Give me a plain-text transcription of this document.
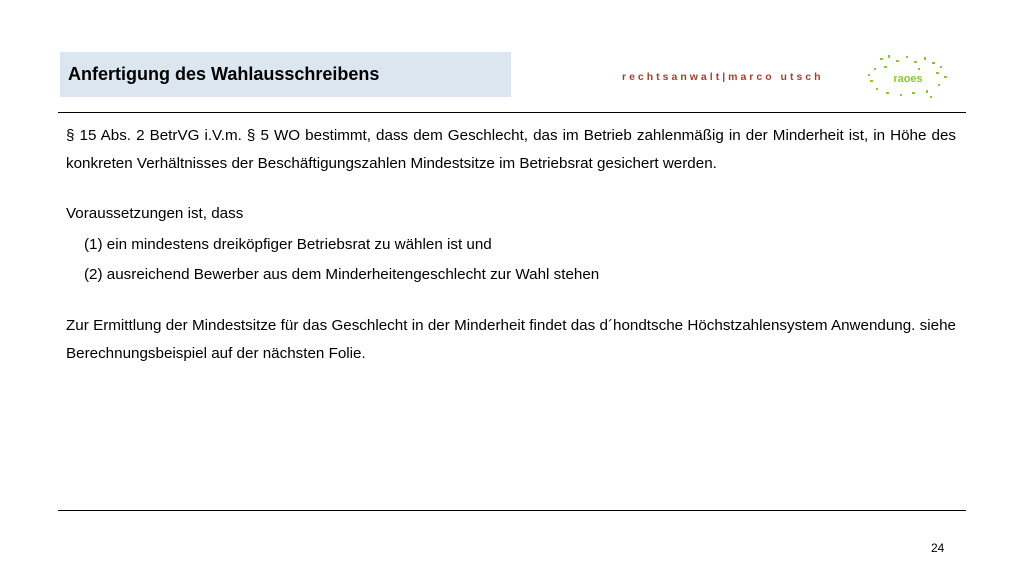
Anfertigung des Wahlausschreibens	rechtsanwalt|marco utsch	raoes

§ 15 Abs. 2 BetrVG i.V.m. § 5 WO bestimmt, dass dem Geschlecht, das im Betrieb zahlenmäßig in der Minderheit ist, in Höhe des konkreten Verhältnisses der Beschäftigungszahlen Mindestsitze im Betriebsrat gesichert werden.

Voraussetzungen ist, dass

(1) ein mindestens dreiköpfiger Betriebsrat zu wählen ist und
(2) ausreichend Bewerber aus dem Minderheitengeschlecht zur Wahl stehen

Zur Ermittlung der Mindestsitze für das Geschlecht in der Minderheit findet das d´hondtsche Höchstzahlensystem Anwendung. siehe Berechnungsbeispiel auf der nächsten Folie.

24
